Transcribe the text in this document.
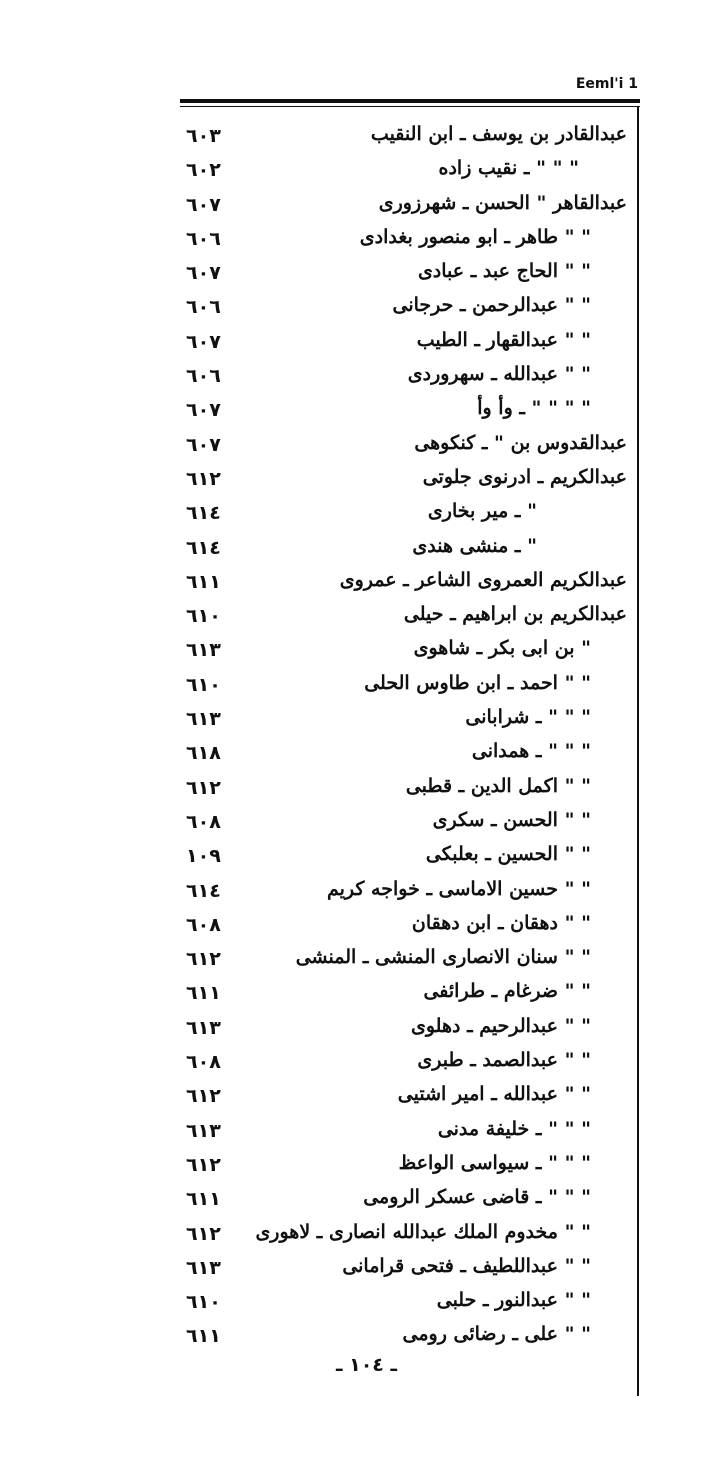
Eeml'i 1
عبدالقادر بن يوسف ـ ابن النقيب
٦٠٣
" " " ـ نقيب زاده
٦٠٢
عبدالقاهر " الحسن ـ شهرزوری
٦٠٧
" " طاهر ـ ابو منصور بغدادی
٦٠٦
" " الحاج عبد ـ عبادی
٦٠٧
" " عبدالرحمن ـ حرجانی
٦٠٦
" " عبدالقهار ـ الطيب
٦٠٧
" " عبدالله ـ سهروردی
٦٠٦
" " " " ـ وأ وأ
٦٠٧
عبدالقدوس بن " ـ كنكوهی
٦٠٧
عبدالكريم ـ ادرنوی جلوتی
٦١٢
" ـ مير بخاری
٦١٤
" ـ منشی هندی
٦١٤
عبدالكريم العمروی الشاعر ـ عمروی
٦١١
عبدالكريم بن ابراهيم ـ حيلی
٦١٠
" بن ابی بكر ـ شاهوی
٦١٣
" " احمد ـ ابن طاوس الحلی
٦١٠
" " " ـ شرابانی
٦١٣
" " " ـ همدانی
٦١٨
" " اكمل الدين ـ قطبی
٦١٢
" " الحسن ـ سكری
٦٠٨
" " الحسين ـ بعلبكی
١٠٩
" " حسين الاماسی ـ خواجه كريم
٦١٤
" " دهقان ـ ابن دهقان
٦٠٨
" " سنان الانصاری المنشی ـ المنشی
٦١٢
" " ضرغام ـ طرائفی
٦١١
" " عبدالرحيم ـ دهلوی
٦١٣
" " عبدالصمد ـ طبری
٦٠٨
" " عبدالله ـ امير اشتيی
٦١٢
" " " ـ خليفة مدنی
٦١٣
" " " ـ سيواسی الواعظ
٦١٢
" " " ـ قاضی عسكر الرومی
٦١١
" " مخدوم الملك عبدالله انصاری ـ لاهوری
٦١٢
" " عبداللطيف ـ فتحی قرامانی
٦١٣
" " عبدالنور ـ حلبی
٦١٠
" " علی ـ رضائی رومی
٦١١
ـ ١٠٤ ـ
